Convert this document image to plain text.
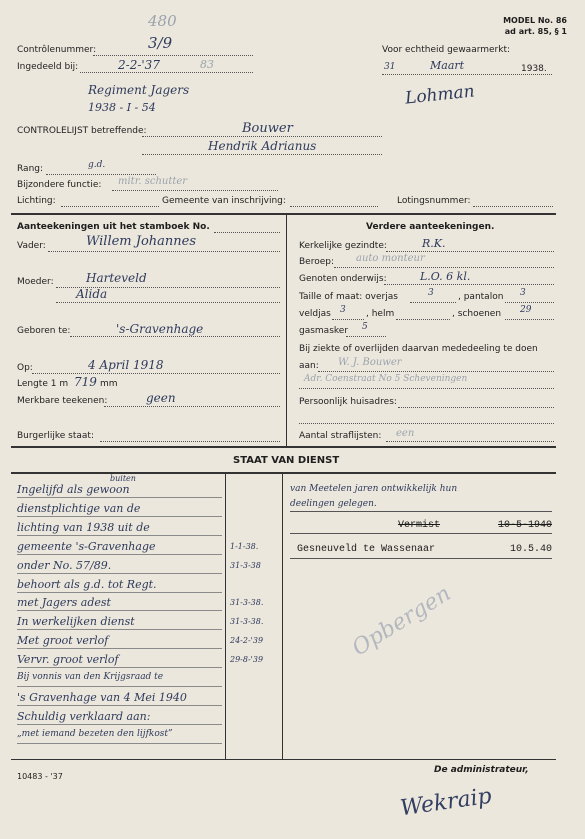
MODEL No. 86
ad art. 85, § 1
480
Contrôlenummer:	3/9
Ingedeeld bij:	2-2-'37	83
Regiment Jagers
1938 - I - 54
Voor echtheid gewaarmerkt:
31	Maart	1938.
Lohman
CONTROLELIJST betreffende:	Bouwer
Hendrik Adrianus
Rang:	g.d.
Bijzondere functie: mitr. schutter
Lichting:	Gemeente van inschrijving:	Lotingsnummer:
Aanteekeningen uit het stamboek No.
Vader:	Willem Johannes
Moeder:	Harteveld
Alida
Geboren te:	's-Gravenhage
Op:	4 April 1918
Lengte 1 m 719 mm
Merkbare teekenen:	geen
Burgerlijke staat:
Verdere aanteekeningen.
Kerkelijke gezindte:	R.K.
Beroep: auto monteur
Genoten onderwijs:	L.O. 6 kl.
Taille of maat: overjas	3	, pantalon 3
veldjas 3 , helm	, schoenen 29
gasmasker 5
Bij ziekte of overlijden daarvan mededeeling te doen
aan: W. J. Bouwer
Adr. Coenstraat No 5 Scheveningen
Persoonlijk huisadres:
Aantal straflijsten: een
STAAT VAN DIENST
buiten
Ingelijfd als gewoon
dienstplichtige van de
lichting van 1938 uit de
gemeente 's-Gravenhage	1-1-38.
onder No. 57/89.	31-3-38
behoort als g.d. tot Regt.
met Jagers adest	31-3-38.
In werkelijken dienst	31-3-38.
Met groot verlof	24-2-'39
Vervr. groot verlof	29-8-'39
Bij vonnis van den Krijgsraad te
's Gravenhage van 4 Mei 1940
Schuldig verklaard aan:
„met iemand bezeten den lijfkost”
van Meetelen jaren ontwikkelijk hun
deelingen gelegen.
Vermist	10-5-1940
Gesneuveld te Wassenaar	10.5.40
Opbergen
10483 - '37
De administrateur,
Wekraip
